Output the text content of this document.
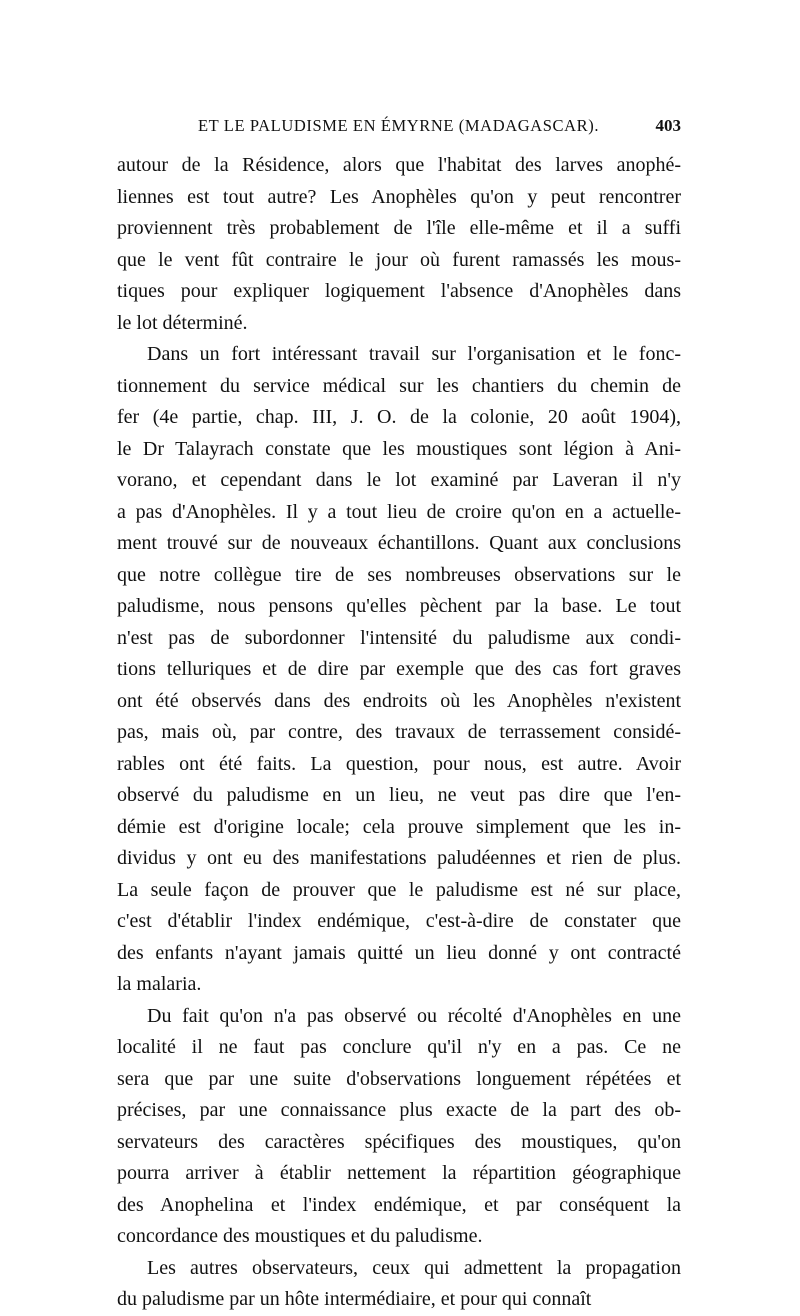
ET LE PALUDISME EN ÉMYRNE (MADAGASCAR).	403
autour de la Résidence, alors que l'habitat des larves anophé-
liennes est tout autre? Les Anophèles qu'on y peut rencontrer
proviennent très probablement de l'île elle-même et il a suffi
que le vent fût contraire le jour où furent ramassés les mous-
tiques pour expliquer logiquement l'absence d'Anophèles dans
le lot déterminé.
Dans un fort intéressant travail sur l'organisation et le fonc-
tionnement du service médical sur les chantiers du chemin de
fer (4e partie, chap. III, J. O. de la colonie, 20 août 1904),
le Dr Talayrach constate que les moustiques sont légion à Ani-
vorano, et cependant dans le lot examiné par Laveran il n'y
a pas d'Anophèles. Il y a tout lieu de croire qu'on en a actuelle-
ment trouvé sur de nouveaux échantillons. Quant aux conclusions
que notre collègue tire de ses nombreuses observations sur le
paludisme, nous pensons qu'elles pèchent par la base. Le tout
n'est pas de subordonner l'intensité du paludisme aux condi-
tions telluriques et de dire par exemple que des cas fort graves
ont été observés dans des endroits où les Anophèles n'existent
pas, mais où, par contre, des travaux de terrassement considé-
rables ont été faits. La question, pour nous, est autre. Avoir
observé du paludisme en un lieu, ne veut pas dire que l'en-
démie est d'origine locale; cela prouve simplement que les in-
dividus y ont eu des manifestations paludéennes et rien de plus.
La seule façon de prouver que le paludisme est né sur place,
c'est d'établir l'index endémique, c'est-à-dire de constater que
des enfants n'ayant jamais quitté un lieu donné y ont contracté
la malaria.
Du fait qu'on n'a pas observé ou récolté d'Anophèles en une
localité il ne faut pas conclure qu'il n'y en a pas. Ce ne
sera que par une suite d'observations longuement répétées et
précises, par une connaissance plus exacte de la part des ob-
servateurs des caractères spécifiques des moustiques, qu'on
pourra arriver à établir nettement la répartition géographique
des Anophelina et l'index endémique, et par conséquent la
concordance des moustiques et du paludisme.
Les autres observateurs, ceux qui admettent la propagation
du paludisme par un hôte intermédiaire, et pour qui connaît
